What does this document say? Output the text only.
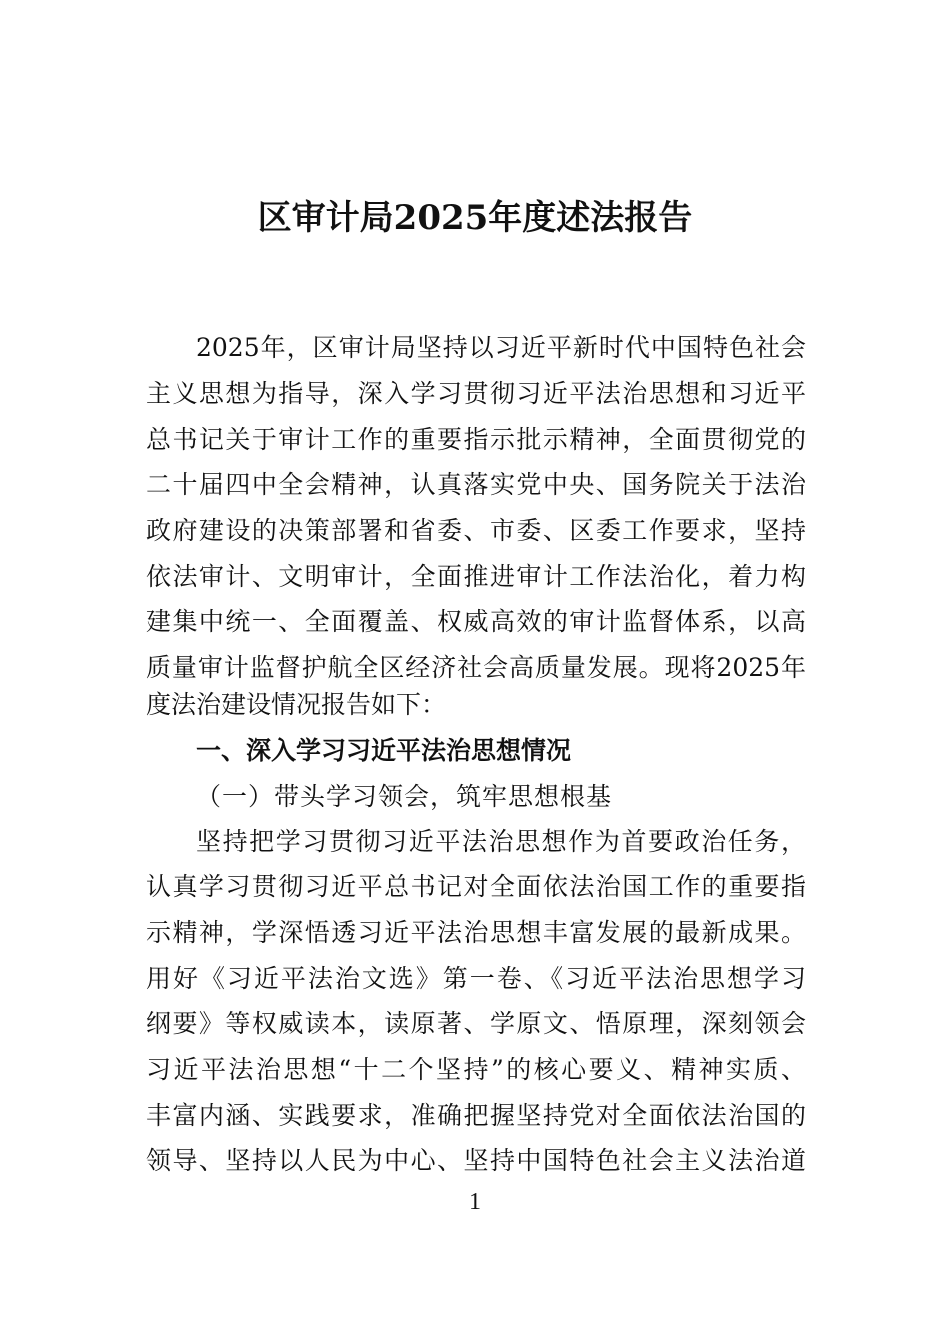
区审计局2025年度述法报告
2025年，区审计局坚持以习近平新时代中国特色社会
主义思想为指导，深入学习贯彻习近平法治思想和习近平
总书记关于审计工作的重要指示批示精神，全面贯彻党的
二十届四中全会精神，认真落实党中央、国务院关于法治
政府建设的决策部署和省委、市委、区委工作要求，坚持
依法审计、文明审计，全面推进审计工作法治化，着力构
建集中统一、全面覆盖、权威高效的审计监督体系，以高
质量审计监督护航全区经济社会高质量发展。现将2025年
度法治建设情况报告如下：
一、深入学习习近平法治思想情况
（一）带头学习领会，筑牢思想根基
坚持把学习贯彻习近平法治思想作为首要政治任务，
认真学习贯彻习近平总书记对全面依法治国工作的重要指
示精神，学深悟透习近平法治思想丰富发展的最新成果。
用好《习近平法治文选》第一卷、《习近平法治思想学习
纲要》等权威读本，读原著、学原文、悟原理，深刻领会
习近平法治思想“十二个坚持”的核心要义、精神实质、
丰富内涵、实践要求，准确把握坚持党对全面依法治国的
领导、坚持以人民为中心、坚持中国特色社会主义法治道
1
